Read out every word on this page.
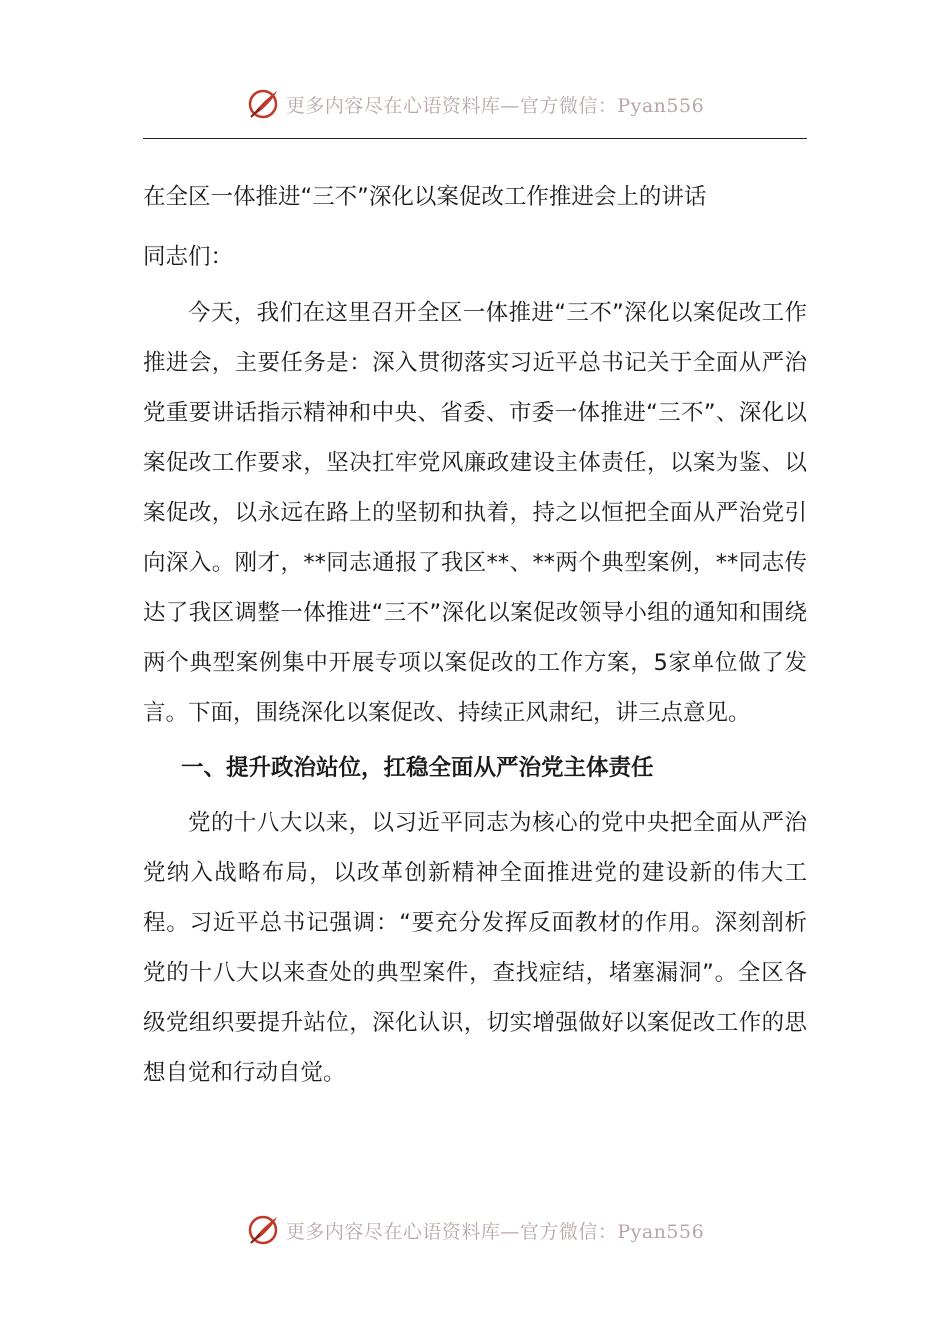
更多内容尽在心语资料库—官方微信：Pyan556
在全区一体推进“三不”深化以案促改工作推进会上的讲话
同志们：

今天，我们在这里召开全区一体推进“三不”深化以案促改工作推进会，主要任务是：深入贯彻落实习近平总书记关于全面从严治党重要讲话指示精神和中央、省委、市委一体推进“三不”、深化以案促改工作要求，坚决扛牢党风廉政建设主体责任，以案为鉴、以案促改，以永远在路上的坚韧和执着，持之以恒把全面从严治党引向深入。刚才，**同志通报了我区**、**两个典型案例，**同志传达了我区调整一体推进“三不”深化以案促改领导小组的通知和围绕两个典型案例集中开展专项以案促改的工作方案，5家单位做了发言。下面，围绕深化以案促改、持续正风肃纪，讲三点意见。

一、提升政治站位，扛稳全面从严治党主体责任

党的十八大以来，以习近平同志为核心的党中央把全面从严治党纳入战略布局，以改革创新精神全面推进党的建设新的伟大工程。习近平总书记强调：“要充分发挥反面教材的作用。深刻剖析党的十八大以来查处的典型案件，查找症结，堵塞漏洞”。全区各级党组织要提升站位，深化认识，切实增强做好以案促改工作的思想自觉和行动自觉。

更多内容尽在心语资料库—官方微信：Pyan556
